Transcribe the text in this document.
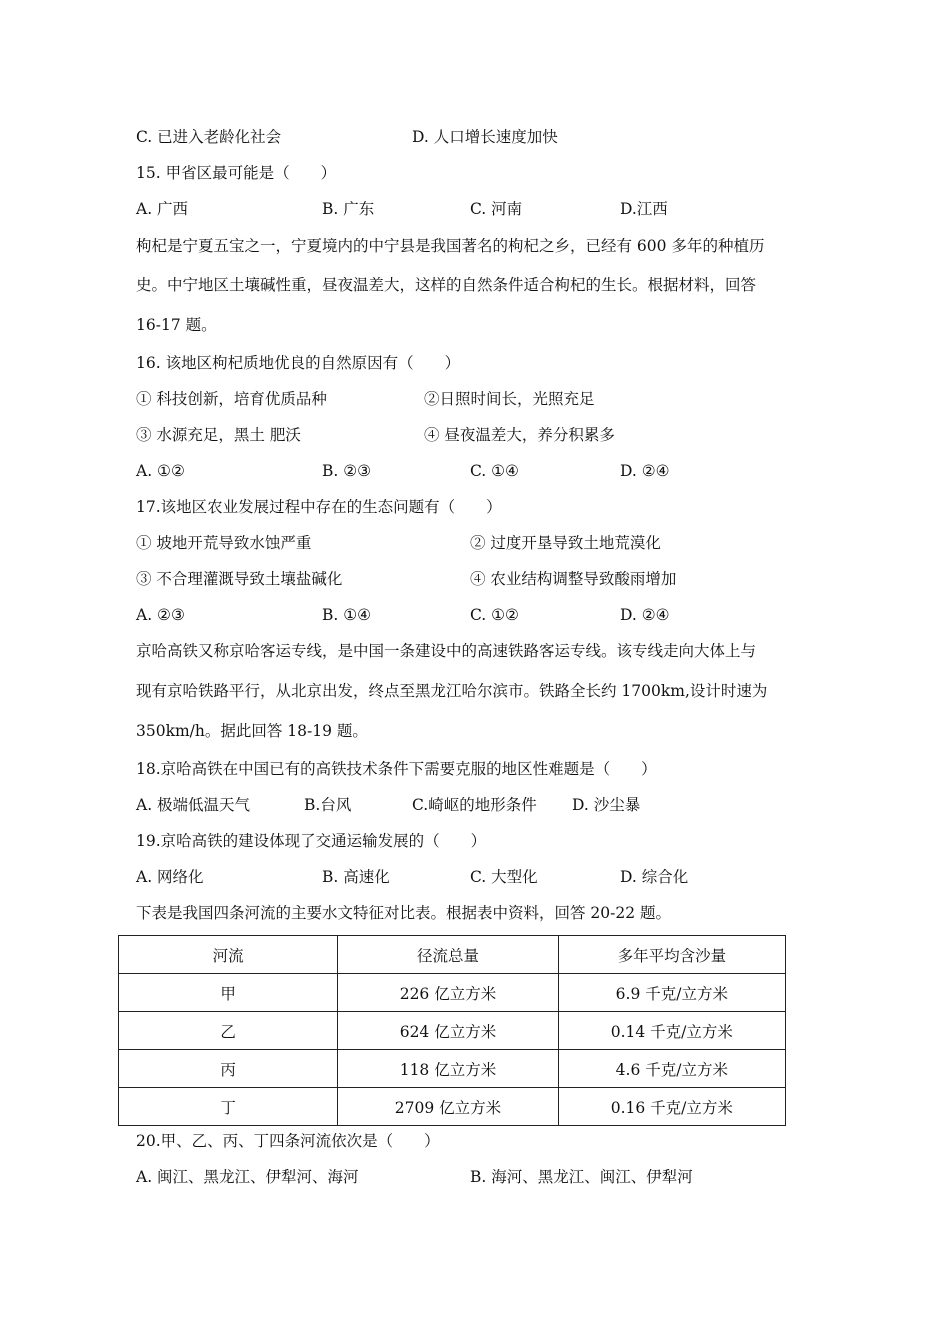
C. 已进入老龄化社会	D. 人口增长速度加快
15. 甲省区最可能是（　　）
A. 广西	B. 广东	C. 河南	D.江西
枸杞是宁夏五宝之一，宁夏境内的中宁县是我国著名的枸杞之乡，已经有 600 多年的种植历
史。中宁地区土壤碱性重，昼夜温差大，这样的自然条件适合枸杞的生长。根据材料，回答
16-17 题。
16. 该地区枸杞质地优良的自然原因有（　　）
① 科技创新，培育优质品种	②日照时间长，光照充足
③ 水源充足，黑土 肥沃	④ 昼夜温差大，养分积累多
A. ①②	B. ②③	C. ①④	D. ②④
17.该地区农业发展过程中存在的生态问题有（　　）
① 坡地开荒导致水蚀严重	② 过度开垦导致土地荒漠化
③ 不合理灌溉导致土壤盐碱化	④ 农业结构调整导致酸雨增加
A. ②③	B. ①④	C. ①②	D. ②④
京哈高铁又称京哈客运专线，是中国一条建设中的高速铁路客运专线。该专线走向大体上与
现有京哈铁路平行，从北京出发，终点至黑龙江哈尔滨市。铁路全长约 1700km,设计时速为
350km/h。据此回答 18-19 题。
18.京哈高铁在中国已有的高铁技术条件下需要克服的地区性难题是（　　）
A. 极端低温天气	B.台风	C.崎岖的地形条件 D. 沙尘暴
19.京哈高铁的建设体现了交通运输发展的（　　）
A. 网络化	B. 高速化	C. 大型化	D. 综合化
下表是我国四条河流的主要水文特征对比表。根据表中资料，回答 20-22 题。
河流	径流总量	多年平均含沙量
甲	226 亿立方米	6.9 千克/立方米
乙	624 亿立方米	0.14 千克/立方米
丙	118 亿立方米	4.6 千克/立方米
丁	2709 亿立方米	0.16 千克/立方米
20.甲、乙、丙、丁四条河流依次是（　　）
A. 闽江、黑龙江、伊犁河、海河	B. 海河、黑龙江、闽江、伊犁河
